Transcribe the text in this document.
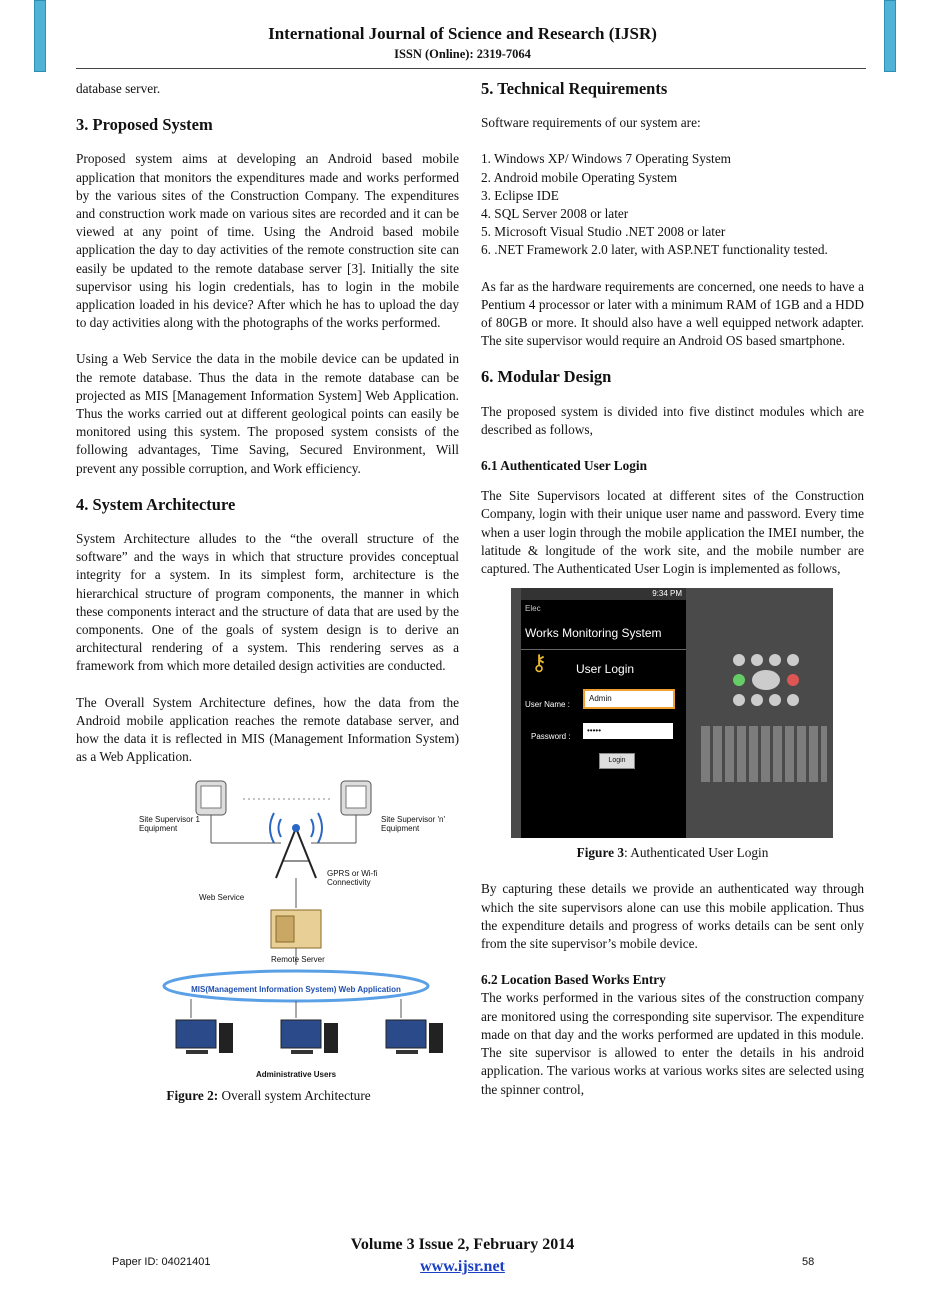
International Journal of Science and Research (IJSR)
ISSN (Online): 2319-7064

database server.

3. Proposed System

Proposed system aims at developing an Android based mobile application that monitors the expenditures made and works performed by the various sites of the Construction Company. The expenditures and construction work made on various sites are recorded and it can be viewed at any point of time. Using the Android based mobile application the day to day activities of the remote construction site can easily be updated to the remote database server [3]. Initially the site supervisor using his login credentials, has to login in the mobile application loaded in his device? After which he has to upload the day to day activities along with the photographs of the works performed.

Using a Web Service the data in the mobile device can be updated in the remote database. Thus the data in the remote database can be projected as MIS [Management Information System] Web Application. Thus the works carried out at different geological points can easily be monitored using this system. The proposed system consists of the following advantages, Time Saving, Secured Environment, Will prevent any possible corruption, and Work efficiency.

4. System Architecture

System Architecture alludes to the “the overall structure of the software” and the ways in which that structure provides conceptual integrity for a system. In its simplest form, architecture is the hierarchical structure of program components, the manner in which these components interact and the structure of data that are used by the components. One of the goals of system design is to derive an architectural rendering of a system. This rendering serves as a framework from which more detailed design activities are conducted.

The Overall System Architecture defines, how the data from the Android mobile application reaches the remote database server, and how the data it is reflected in MIS (Management Information System) as a Web Application.

Site Supervisor 1 Equipment
Site Supervisor 'n' Equipment
GPRS or Wi-fi Connectivity
Web Service
Remote Server
MIS(Management Information System) Web Application
Administrative Users
Figure 2: Overall system Architecture
5. Technical Requirements

Software requirements of our system are:

1. Windows XP/ Windows 7 Operating System
2. Android mobile Operating System
3. Eclipse IDE
4. SQL Server 2008 or later
5. Microsoft Visual Studio .NET 2008 or later
6. .NET Framework 2.0 later, with ASP.NET functionality tested.

As far as the hardware requirements are concerned, one needs to have a Pentium 4 processor or later with a minimum RAM of 1GB and a HDD of 80GB or more. It should also have a well equipped network adapter. The site supervisor would require an Android OS based smartphone.

6. Modular Design

The proposed system is divided into five distinct modules which are described as follows,

6.1 Authenticated User Login

The Site Supervisors located at different sites of the Construction Company, login with their unique user name and password. Every time when a user login through the mobile application the IMEI number, the latitude & longitude of the work site, and the mobile number are captured. The Authenticated User Login is implemented as follows,

9:34 PM
Elec
Works Monitoring System
⚷ User Login
User Name :
Admin
Password :
•••••
Login
Figure 3: Authenticated User Login

By capturing these details we provide an authenticated way through which the site supervisors alone can use this mobile application. Thus the expenditure details and progress of works details can be sent only from the site supervisor’s mobile device.

6.2 Location Based Works Entry

The works performed in the various sites of the construction company are monitored using the corresponding site supervisor. The expenditure made on that day and the works performed are updated in this module. The site supervisor is allowed to enter the details in his android application. The various works at various works sites are selected using the spinner control,

Volume 3 Issue 2, February 2014
www.ijsr.net
Paper ID: 04021401	58
